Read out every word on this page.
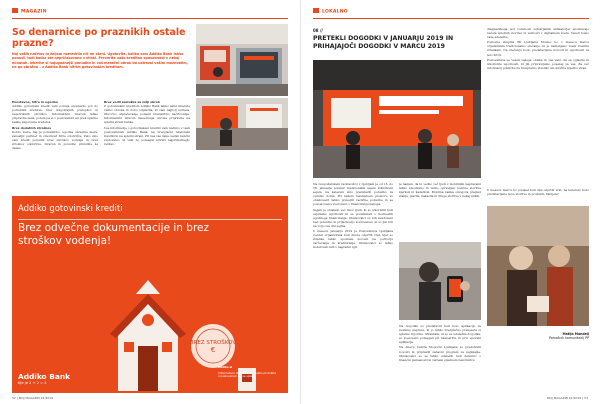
MAGAZIN
So denarnice po praznikih ostale prazne?
Naj vaših načrtov in željam razvedrila nič ne okrni. Ugotovite, koliko vam Addiko Bank lahko ponudi, tudi kadar ste nepričakovano v stiski. Preverite vašo kreditno sposobnost v nekaj minutah. Izberite si najugodnejši ponudbo in vaš mesečni obrok bo ustrezal vašim možnostim, ne pa obratno – z Addiko Bank hitrim gotovinskim kreditom.

Enostavno, hitro in ugodno
Addiko gotovinski kredit vam ponuja enostavno pot do potrebnih sredstev, brez dolgotrajnih postopkov in nepotrebnih stroškov. Informativni izračun lahko pripravite sami, potem pa si v poslovalnici ali prek spletne banke zagotovite sredstva.

Brez dodatnih stroškov
Dobro veste, kaj je pomembno: ugodna obrestna mera, zanesljiv partner in zmožnost hitre odobritve. Zato smo vam kredit ponudili brez stroškov vodenja in brez stroškov odobritve. Izračun in ponudbo pridobite še danes.

Brez vodil zaslužka za nižji obrok
Z gotovinskim kreditom Addiko Bank lahko sami izberete višino obroka in dobo odplačila, ki vam najbolj ustreza. Obročno odplačevanje pomeni brezskrbno načrtovanje. Informativni izračun mesečnega obroka pripravite na spletni strani banke.

Vse informacije o gotovinskem kreditu vam nudimo v vseh poslovalnicah Addiko Bank, na brezplačni telefonski številki in na spletni strani. Pri nas vas čaka osebni bančni svetovalec, ki vam bo pomagal izbrati najprimernejšo rešitev.

Addiko gotovinski krediti
Brez odvečne dokumentacije in brez stroškov vodenja!
BREZ STROŠKOV
€
Addiko Bank
Kje je 2 + 2 = 4
addiko.si
Informativni izračun in ponudbo pridobite v poslovalnici ali na spletu.
52 | MOJ MAGAZIN 01/2019
LOKALNO
08 //
PRETEKLI DOGODKI V JANUARJU 2019 IN PRIHAJAJOČI DOGODKI V MARCU 2019

dizajnerskega pod vodstvom ustvarjalnih animatorjev spoznavajo načela spletnih storitev in varnosti v digitalnem svetu. Veseli bomo vaše udeležbe.

Poslovna skupina PP Ljubljana Mostec bo v mesecu marcu organizirala tradicionalno srečanje, ki je namenjeno vsem zvestim strankam. Na srečanju bodo predstavljene novosti in ugodnosti za leto 2019.

Poslovalnica se veseli vašega obiska in vas vabi, da se oglasite in izkoristite ugodnosti, ki jih pripravljamo posebej za vas. Za več informacij pokličite na brezplačno številko ali obiščite spletno stran.

Na Gospodarskem razstavišču v Ljubljani je od 15. do 26. januarja potekal tradicionalni sejem Pohištveni sejem, na katerem smo predstavili ponudbo za opremo doma. Pri našem razstavnem prostoru so obiskovalci lahko preverili različne ponudbe in se posvetovali s svetovalci o financiranju nakupa.

Sejem je obiskalo več tisoč ljudi, ki so izkoristili tudi sejemske ugodnosti in se pozanimali o možnostih ugodnega financiranja. Obiskovalci so bili navdušeni nad ponudbo in prijaznostjo svetovalcev, ki so jim bili na voljo vse dni sejma.

V mesecu januarju 2019 je Poslovalnica Ljubljana Center organizirala tudi dneve odprtih vrat, kjer so stranke lahko spoznale novosti na področju varčevanja in kreditiranja. Obiskovalci so lahko sodelovali tudi v nagradni igri.

je namen, da bi vedno več ljudi z mobilnimi napravami lahko enostavno in varno opravljalo bančne storitve kjerkoli in kadarkoli. Mobilna banka omogoča pregled stanja, plačila, nakazila in druge storitve v nekaj klikih.

Na dogodku so predstavili tudi novo aplikacijo za mobilne naprave, ki jo lahko brezplačno prenesete iz spletne trgovine. Strankam, ki so se udeležile dogodka, so svetovalci pomagali pri namestitvi in prvi uporabi aplikacije.

Na dnevu Centra Mogočni Ljubljana so predstavili novosti in pripravili zabavni program za najmlajše. Obiskovalci so se lahko udeležili tudi delavnic o finančni pismenosti in varnem spletnem bančništvu.

V mesecu marcu bo potekal tudi dan odprtih vrat, na katerem bodo predstavljene nove storitve in produkti. Vabljeni!

Matija Mandelj
Pomočnik komunikacij PP
MOJ MAGAZIN 01/2019 | 53
